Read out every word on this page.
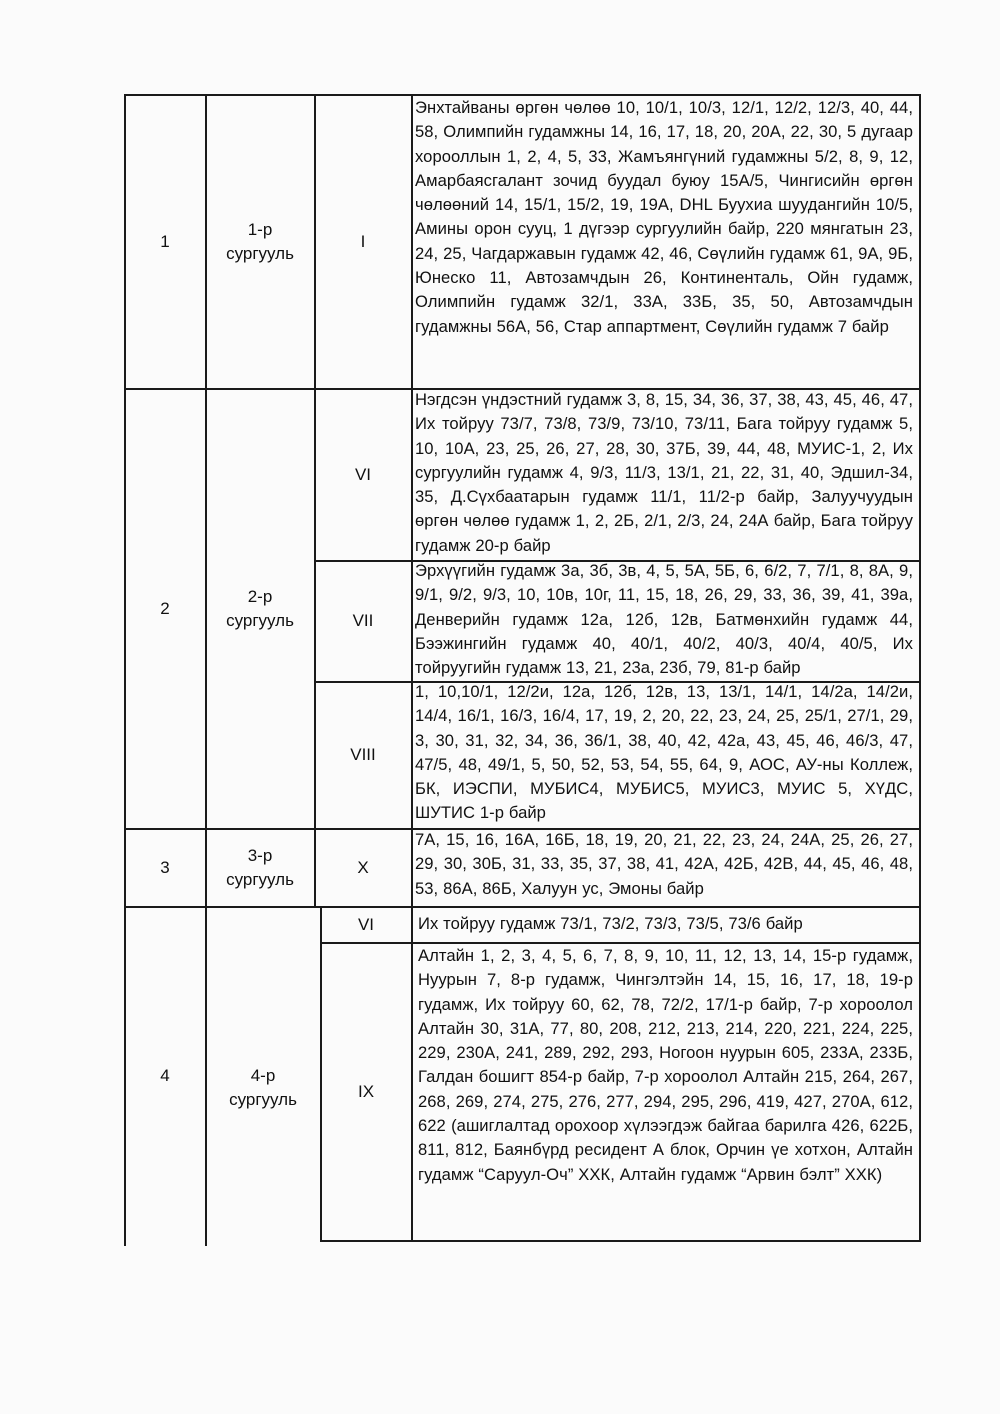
1
1-р
сургууль
I
Энхтайваны өргөн чөлөө 10, 10/1, 10/3, 12/1, 12/2, 12/3, 40, 44, 58, Олимпийн гудамжны 14, 16, 17, 18, 20, 20А, 22, 30, 5 дугаар хорооллын 1, 2, 4, 5, 33, Жамъянгүний гудамжны 5/2, 8, 9, 12, Амарбаясгалант зочид буудал буюу 15А/5, Чингисийн өргөн чөлөөний 14, 15/1, 15/2, 19, 19А, DHL Буухиа шуудангийн 10/5, Амины орон сууц, 1 дүгээр сургуулийн байр, 220 мянгатын 23, 24, 25, Чагдаржавын гудамж 42, 46, Сөүлийн гудамж 61, 9А, 9Б, Юнеско 11, Автозамчдын 26, Континенталь, Ойн гудамж, Олимпийн гудамж 32/1, 33А, 33Б, 35, 50, Автозамчдын гудамжны 56А, 56, Стар аппартмент, Сөүлийн гудамж 7 байр
2
2-р
сургууль
VI
Нэгдсэн үндэстний гудамж 3, 8, 15, 34, 36, 37, 38, 43, 45, 46, 47, Их тойруу 73/7, 73/8, 73/9, 73/10, 73/11, Бага тойруу гудамж 5, 10, 10А, 23, 25, 26, 27, 28, 30, 37Б, 39, 44, 48, МУИС-1, 2, Их сургуулийн гудамж 4, 9/3, 11/3, 13/1, 21, 22, 31, 40, Эдшил-34, 35, Д.Сүхбаатарын гудамж 11/1, 11/2-р байр, Залуучуудын өргөн чөлөө гудамж 1, 2, 2Б, 2/1, 2/3, 24, 24А байр, Бага тойруу гудамж 20-р байр
VII
Эрхүүгийн гудамж 3а, 3б, 3в, 4, 5, 5А, 5Б, 6, 6/2, 7, 7/1, 8, 8А, 9, 9/1, 9/2, 9/3, 10, 10в, 10г, 11, 15, 18, 26, 29, 33, 36, 39, 41, 39а, Денверийн гудамж 12а, 12б, 12в, Батмөнхийн гудамж 44, Бээжингийн гудамж 40, 40/1, 40/2, 40/3, 40/4, 40/5, Их тойруугийн гудамж 13, 21, 23а, 23б, 79, 81-р байр
VIII
1, 10,10/1, 12/2и, 12а, 12б, 12в, 13, 13/1, 14/1, 14/2а, 14/2и, 14/4, 16/1, 16/3, 16/4, 17, 19, 2, 20, 22, 23, 24, 25, 25/1, 27/1, 29, 3, 30, 31, 32, 34, 36, 36/1, 38, 40, 42, 42а, 43, 45, 46, 46/3, 47, 47/5, 48, 49/1, 5, 50, 52, 53, 54, 55, 64, 9, АОС, АУ-ны Коллеж, БК, ИЭСПИ, МУБИС4, МУБИС5, МУИС3, МУИС 5, ХҮДС, ШУТИС 1-р байр
3
3-р
сургууль
X
7А, 15, 16, 16А, 16Б, 18, 19, 20, 21, 22, 23, 24, 24А, 25, 26, 27, 29, 30, 30Б, 31, 33, 35, 37, 38, 41, 42А, 42Б, 42В, 44, 45, 46, 48, 53, 86А, 86Б, Халуун ус, Эмоны байр
4	4-р
сургууль
VI	Их тойруу гудамж 73/1, 73/2, 73/3, 73/5, 73/6 байр
IX
Алтайн 1, 2, 3, 4, 5, 6, 7, 8, 9, 10, 11, 12, 13, 14, 15-р гудамж, Нуурын 7, 8-р гудамж, Чингэлтэйн 14, 15, 16, 17, 18, 19-р гудамж, Их тойруу 60, 62, 78, 72/2, 17/1-р байр, 7-р хороолол Алтайн 30, 31А, 77, 80, 208, 212, 213, 214, 220, 221, 224, 225, 229, 230А, 241, 289, 292, 293, Ногоон нуурын 605, 233А, 233Б, Галдан бошигт 854-р байр, 7-р хороолол Алтайн 215, 264, 267, 268, 269, 274, 275, 276, 277, 294, 295, 296, 419, 427, 270А, 612, 622 (ашиглалтад орохоор хүлээгдэж байгаа барилга 426, 622Б, 811, 812, Баянбүрд ресидент А блок, Орчин үе хотхон, Алтайн гудамж “Саруул-Оч” ХХК, Алтайн гудамж “Арвин бэлт” ХХК)
